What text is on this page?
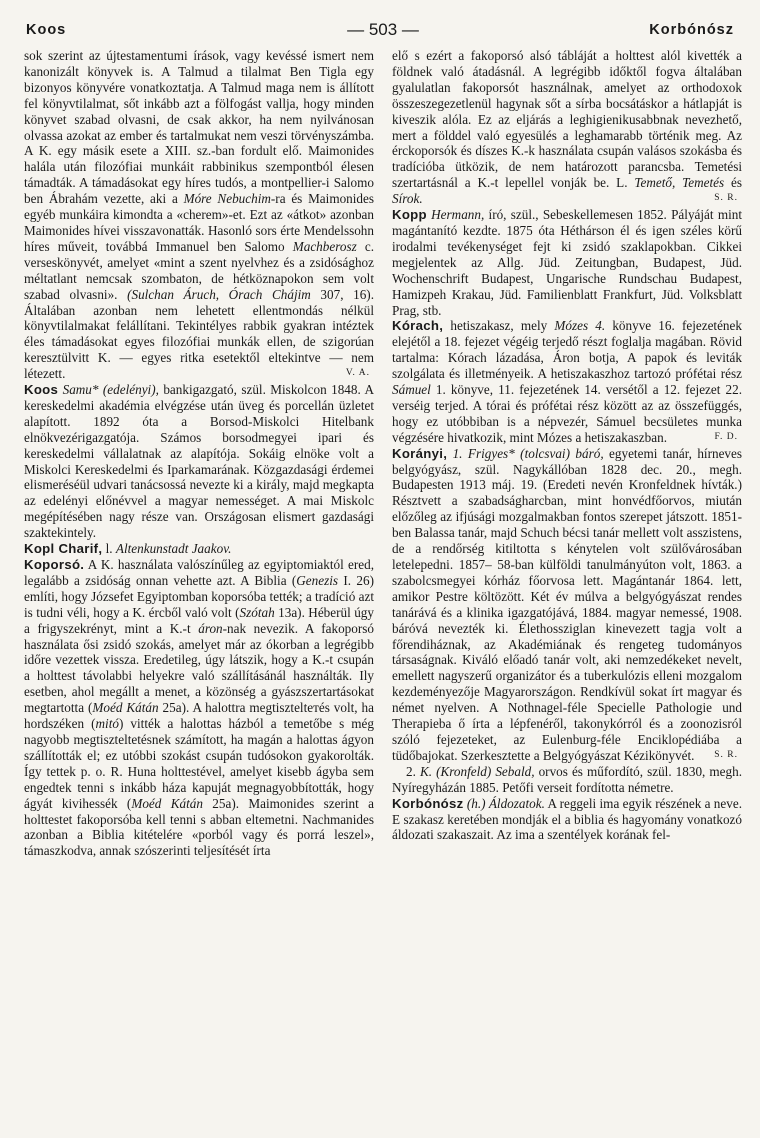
Koos	— 503 —	Korbónósz

sok szerint az újtestamentumi írások, vagy kevéssé ismert nem kanonizált könyvek is. A Talmud a tilalmat Ben Tigla egy bizonyos könyvére vonatkoztatja. A Talmud maga nem is állított fel könyvtilalmat, sőt inkább azt a fölfogást vallja, hogy minden könyvet szabad olvasni, de csak akkor, ha nem nyilvánosan olvassa azokat az ember és tartalmukat nem veszi törvényszámba. A K. egy másik esete a XIII. sz.-ban fordult elő. Maimonides halála után filozófiai munkáit rabbinikus szempontból élesen támadták. A támadásokat egy híres tudós, a montpellier-i Salomo ben Ábrahám vezette, aki a Móre Nebuchim-ra és Maimonides egyéb munkáira kimondta a «cherem»-et. Ezt az «átkot» azonban Maimonides hívei visszavonatták. Hasonló sors érte Mendelssohn híres műveit, továbbá Immanuel ben Salomo Machberosz c. verseskönyvét, amelyet «mint a szent nyelvhez és a zsidósághoz méltatlant nemcsak szombaton, de hétköznapokon sem volt szabad olvasni». (Sulchan Áruch, Órach Chájim 307, 16). Általában azonban nem lehetett ellentmondás nélkül könyvtilalmakat felállítani. Tekintélyes rabbik gyakran intéztek éles támadásokat egyes filozófiai munkák ellen, de szigorúan keresztülvitt K. — egyes ritka esetektől eltekintve — nem létezett.	V. A.

Koos Samu* (edelényi), bankigazgató, szül. Miskolcon 1848. A kereskedelmi akadémia elvégzése után üveg és porcellán üzletet alapított. 1892 óta a Borsod-Miskolci Hitelbank elnökvezérigazgatója. Számos borsodmegyei ipari és kereskedelmi vállalatnak az alapítója. Sokáig elnöke volt a Miskolci Kereskedelmi és Iparkamarának. Közgazdasági érdemei elismeréséül udvari tanácsossá nevezte ki a király, majd megkapta az edelényi előnévvel a magyar nemességet. A mai Miskolc megépítésében nagy része van. Országosan elismert gazdasági szaktekintely.

Kopl Charif, l. Altenkunstadt Jaakov.

Koporsó. A K. használata valószínűleg az egyiptomiaktól ered, legalább a zsidóság onnan vehette azt. A Biblia (Genezis I. 26) említi, hogy Józsefet Egyiptomban koporsóba tették; a tradíció azt is tudni véli, hogy a K. ércből való volt (Szótah 13a). Héberül úgy a frigyszekrényt, mint a K.-t áron-nak nevezik. A fakoporsó használata ősi zsidó szokás, amelyet már az ókorban a legrégibb időre vezettek vissza. Eredetileg, úgy látszik, hogy a K.-t csupán a holttest távolabbi helyekre való szállításánál használták. Ily esetben, ahol megállt a menet, a közönség a gyászszertartásokat megtartotta (Moéd Kátán 25a). A halottra megtisztelteтés volt, ha hordszéken (mitó) vitték a halottas házból a temetőbe s még nagyobb megtiszteltetésnek számított, ha magán a halottas ágyon szállították el; ez utóbbi szokást csupán tudósokon gyakorolták. Így tettek p. o. R. Huna holttestével, amelyet kisebb ágyba sem engedtek tenni s inkább háza kapuját megnagyobbították, hogy ágyát kivihessék (Moéd Kátán 25a). Maimonides szerint a holttestet fakoporsóba kell tenni s abban eltemetni. Nachmanides azonban a Biblia kitételére «porból vagy és porrá leszel», támaszkodva, annak szószerinti teljesítését írta

elő s ezért a fakoporsó alsó tábláját a holttest alól kivették a földnek való átadásnál. A legrégibb időktől fogva általában gyalulatlan fakoporsót használnak, amelyet az orthodoxok összeszegezetlenül hagynak sőt a sírba bocsátáskor a hátlapját is kiveszik alóla. Ez az eljárás a leghigienikusabbnak nevezhető, mert a földdel való egyesülés a leghamarabb történik meg. Az érckoporsók és díszes K.-k használata csupán valásos szokásba és tradícióba ütközik, de nem határozott parancsba. Temetési szertartásnál a K.-t lepellel vonják be. L. Temető, Temetés és Sírok.	S. R.

Kopp Hermann, író, szül., Sebeskellemesen 1852. Pályáját mint magántanító kezdte. 1875 óta Héthárson él és igen széles körű irodalmi tevékenységet fejt ki zsidó szaklapokban. Cikkei megjelentek az Allg. Jüd. Zeitungban, Budapest, Jüd. Wochenschrift Budapest, Ungarische Rundschau Budapest, Hamizpeh Krakau, Jüd. Familienblatt Frankfurt, Jüd. Volksblatt Prag, stb.

Kórach, hetiszakasz, mely Mózes 4. könyve 16. fejezetének elejétől a 18. fejezet végéig terjedő részt foglalja magában. Rövid tartalma: Kórach lázadása, Áron botja, A papok és leviták szolgálata és illetményeik. A hetiszakaszhoz tartozó prófétai rész Sámuel 1. könyve, 11. fejezetének 14. versétől a 12. fejezet 22. verséig terjed. A tórai és prófétai rész között az az összefüggés, hogy ez utóbbiban is a népvezér, Sámuel becsületes munka végzésére hivatkozik, mint Mózes a hetiszakaszban.	F. D.

Korányi, 1. Frigyes* (tolcsvai) báró, egyetemi tanár, hírneves belgyógyász, szül. Nagykállóban 1828 dec. 20., megh. Budapesten 1913 máj. 19. (Eredeti nevén Kronfeldnek hívták.) Résztvett a szabadságharcban, mint honvédfőorvos, miután előzőleg az ifjúsági mozgalmakban fontos szerepet játszott. 1851-ben Balassa tanár, majd Schuch bécsi tanár mellett volt asszistens, de a rendőrség kitiltotta s kénytelen volt szülővárosában letelepedni. 1857– 58-ban külföldi tanulmányúton volt, 1863. a szabolcsmegyei kórház főorvosa lett. Magántanár 1864. lett, amikor Pestre költözött. Két év múlva a belgyógyászat rendes tanárává és a klinika igazgatójává, 1884. magyar nemessé, 1908. báróvá nevezték ki. Élethossziglan kinevezett tagja volt a főrendiháznak, az Akadémiának és rengeteg tudományos társaságnak. Kiváló előadó tanár volt, aki nemzedékeket nevelt, emellett nagyszerű organizátor és a tuberkulózis elleni mozgalom kezdeményezője Magyarországon. Rendkívül sokat írt magyar és német nyelven. A Nothnagel-féle Specielle Pathologie und Therapieba ő írta a lépfenéről, takonykórról és a zoonozisról szóló fejezeteket, az Eulenburg-féle Enciklopédiába a tüdőbajokat. Szerkesztette a Belgyógyászat Kézikönyvét. S. R.

2. K. (Kronfeld) Sebald, orvos és műfordító, szül. 1830, megh. Nyíregyházán 1885. Petőfi verseit fordította németre.

Korbónósz (h.) Áldozatok. A reggeli ima egyik részének a neve. E szakasz keretében mondják el a biblia és hagyomány vonatkozó áldozati szakaszait. Az ima a szentélyek korának fel-
